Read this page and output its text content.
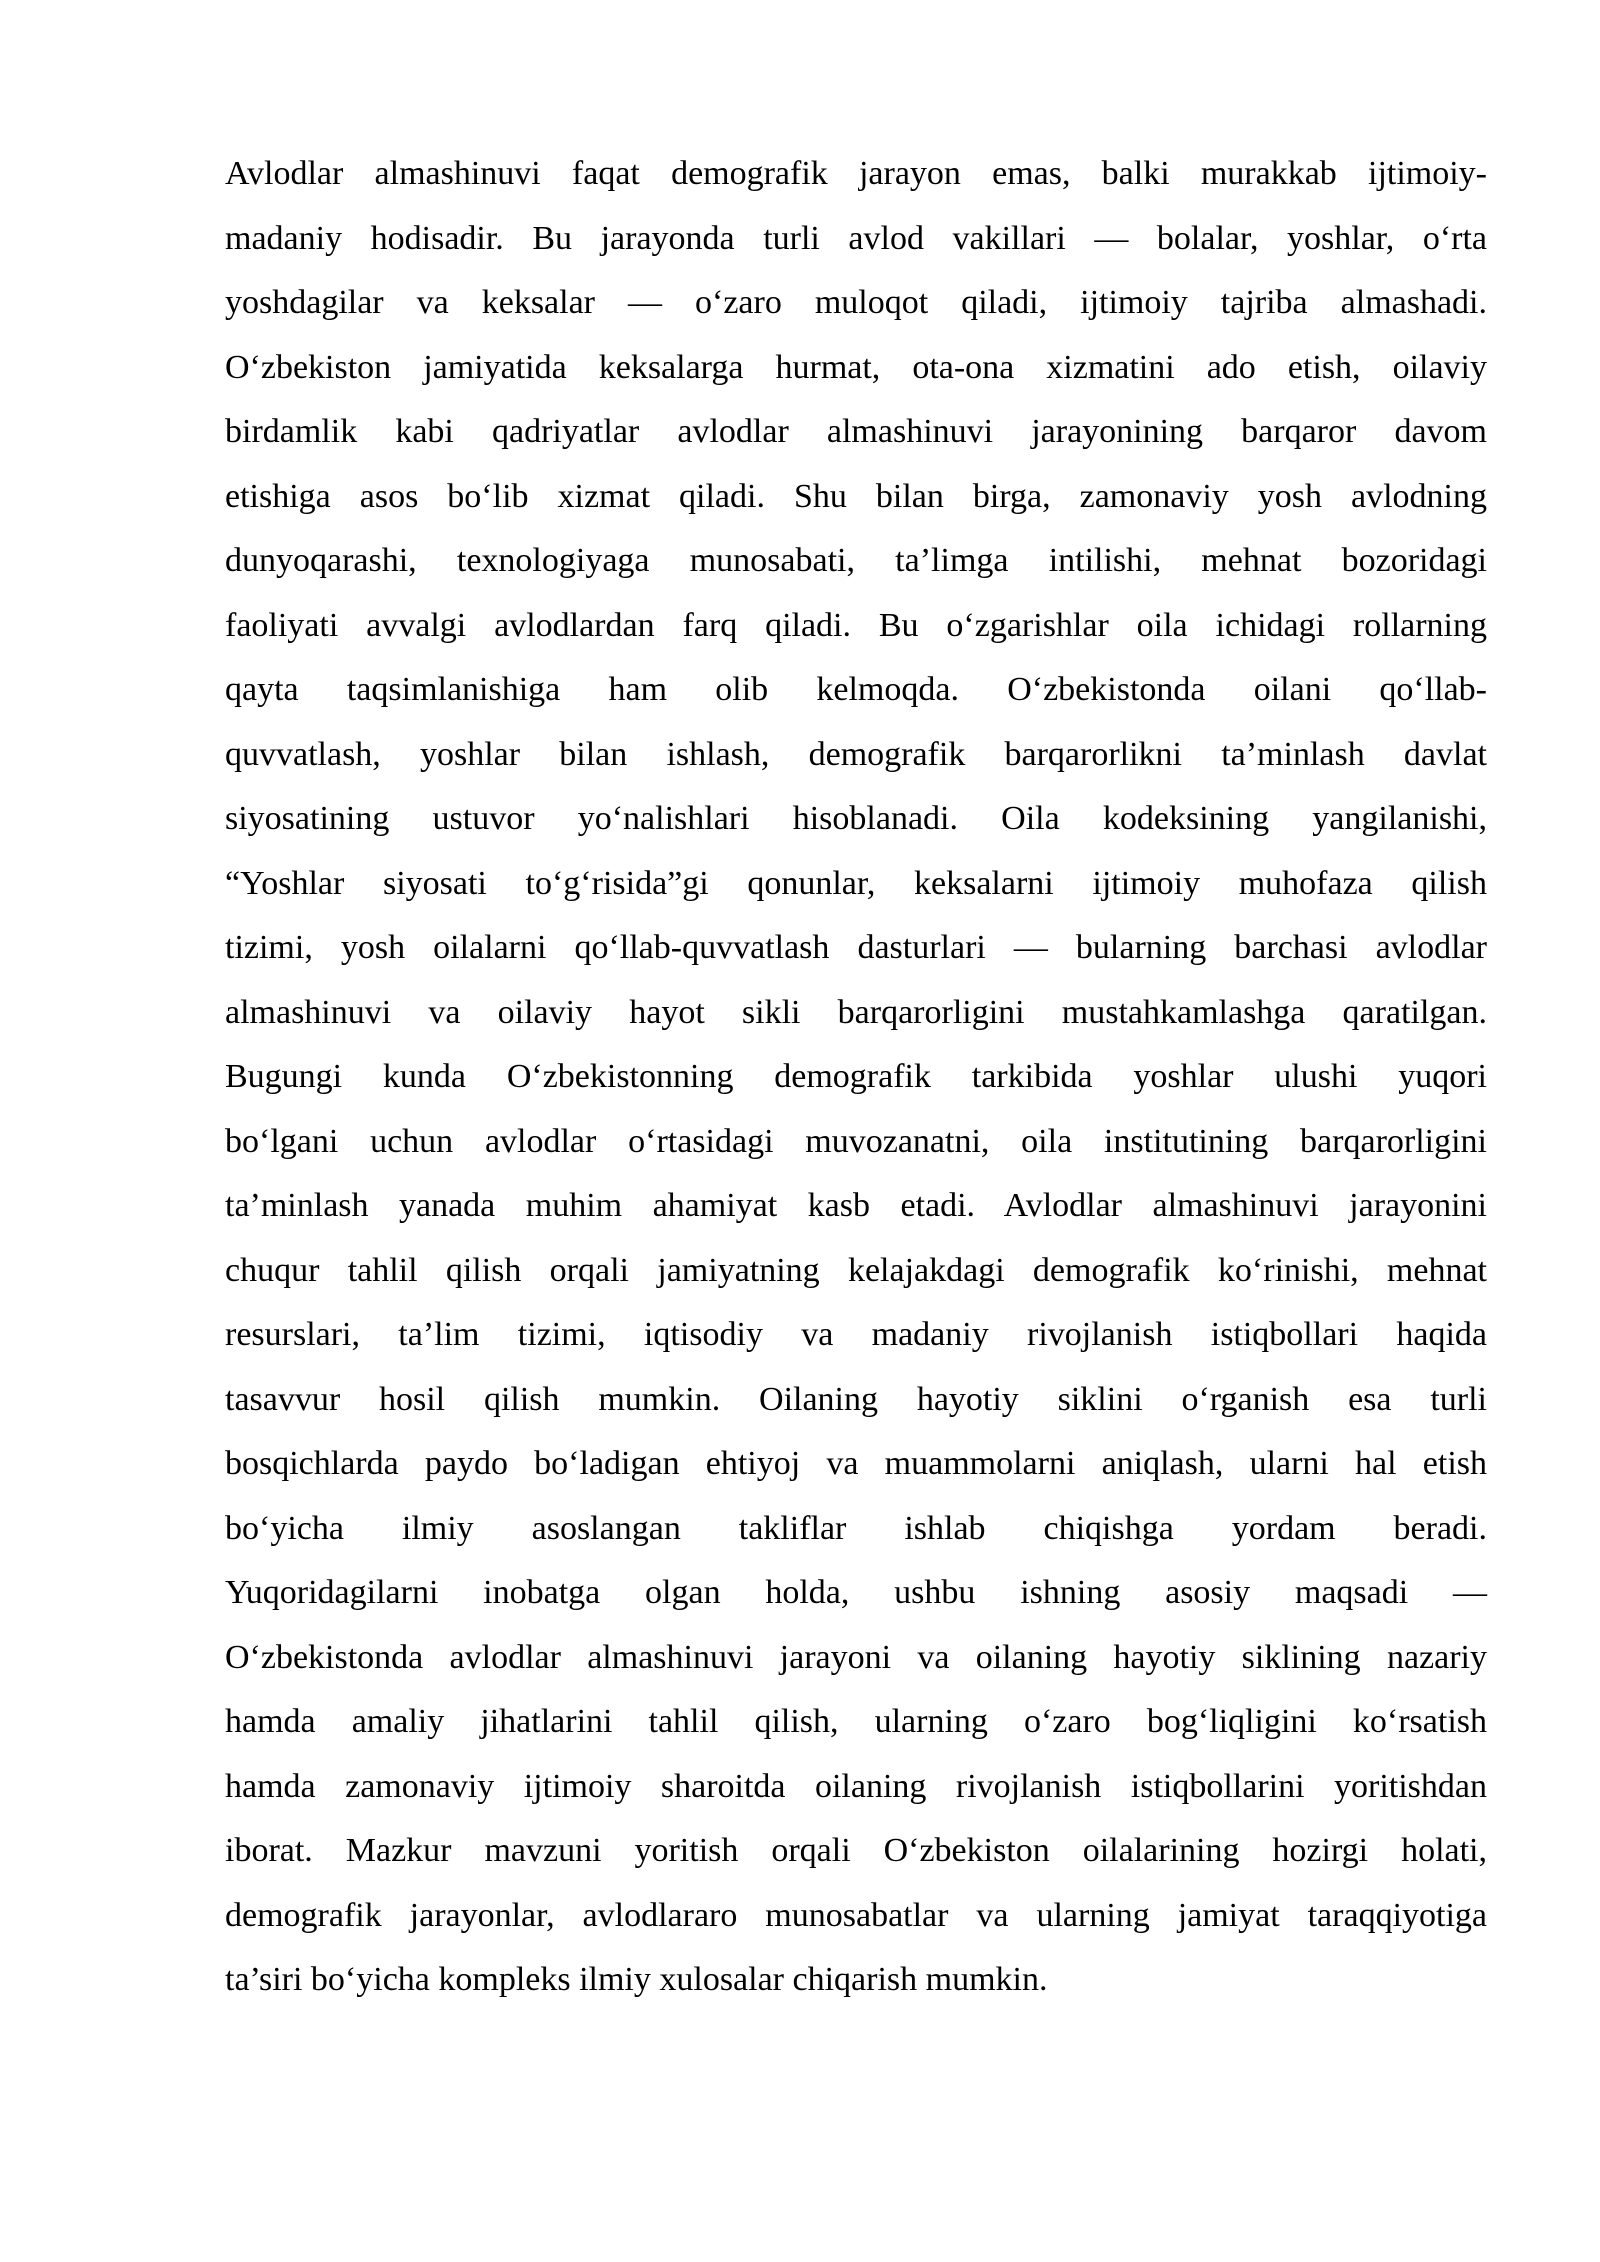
Avlodlar almashinuvi faqat demografik jarayon emas, balki murakkab ijtimoiy-
madaniy hodisadir. Bu jarayonda turli avlod vakillari — bolalar, yoshlar, o‘rta
yoshdagilar va keksalar — o‘zaro muloqot qiladi, ijtimoiy tajriba almashadi.
O‘zbekiston jamiyatida keksalarga hurmat, ota-ona xizmatini ado etish, oilaviy
birdamlik kabi qadriyatlar avlodlar almashinuvi jarayonining barqaror davom
etishiga asos bo‘lib xizmat qiladi. Shu bilan birga, zamonaviy yosh avlodning
dunyoqarashi, texnologiyaga munosabati, ta’limga intilishi, mehnat bozoridagi
faoliyati avvalgi avlodlardan farq qiladi. Bu o‘zgarishlar oila ichidagi rollarning
qayta taqsimlanishiga ham olib kelmoqda. O‘zbekistonda oilani qo‘llab-
quvvatlash, yoshlar bilan ishlash, demografik barqarorlikni ta’minlash davlat
siyosatining ustuvor yo‘nalishlari hisoblanadi. Oila kodeksining yangilanishi,
“Yoshlar siyosati to‘g‘risida”gi qonunlar, keksalarni ijtimoiy muhofaza qilish
tizimi, yosh oilalarni qo‘llab-quvvatlash dasturlari — bularning barchasi avlodlar
almashinuvi va oilaviy hayot sikli barqarorligini mustahkamlashga qaratilgan.
Bugungi kunda O‘zbekistonning demografik tarkibida yoshlar ulushi yuqori
bo‘lgani uchun avlodlar o‘rtasidagi muvozanatni, oila institutining barqarorligini
ta’minlash yanada muhim ahamiyat kasb etadi. Avlodlar almashinuvi jarayonini
chuqur tahlil qilish orqali jamiyatning kelajakdagi demografik ko‘rinishi, mehnat
resurslari, ta’lim tizimi, iqtisodiy va madaniy rivojlanish istiqbollari haqida
tasavvur hosil qilish mumkin. Oilaning hayotiy siklini o‘rganish esa turli
bosqichlarda paydo bo‘ladigan ehtiyoj va muammolarni aniqlash, ularni hal etish
bo‘yicha ilmiy asoslangan takliflar ishlab chiqishga yordam beradi.
Yuqoridagilarni inobatga olgan holda, ushbu ishning asosiy maqsadi —
O‘zbekistonda avlodlar almashinuvi jarayoni va oilaning hayotiy siklining nazariy
hamda amaliy jihatlarini tahlil qilish, ularning o‘zaro bog‘liqligini ko‘rsatish
hamda zamonaviy ijtimoiy sharoitda oilaning rivojlanish istiqbollarini yoritishdan
iborat. Mazkur mavzuni yoritish orqali O‘zbekiston oilalarining hozirgi holati,
demografik jarayonlar, avlodlararo munosabatlar va ularning jamiyat taraqqiyotiga
ta’siri bo‘yicha kompleks ilmiy xulosalar chiqarish mumkin.
